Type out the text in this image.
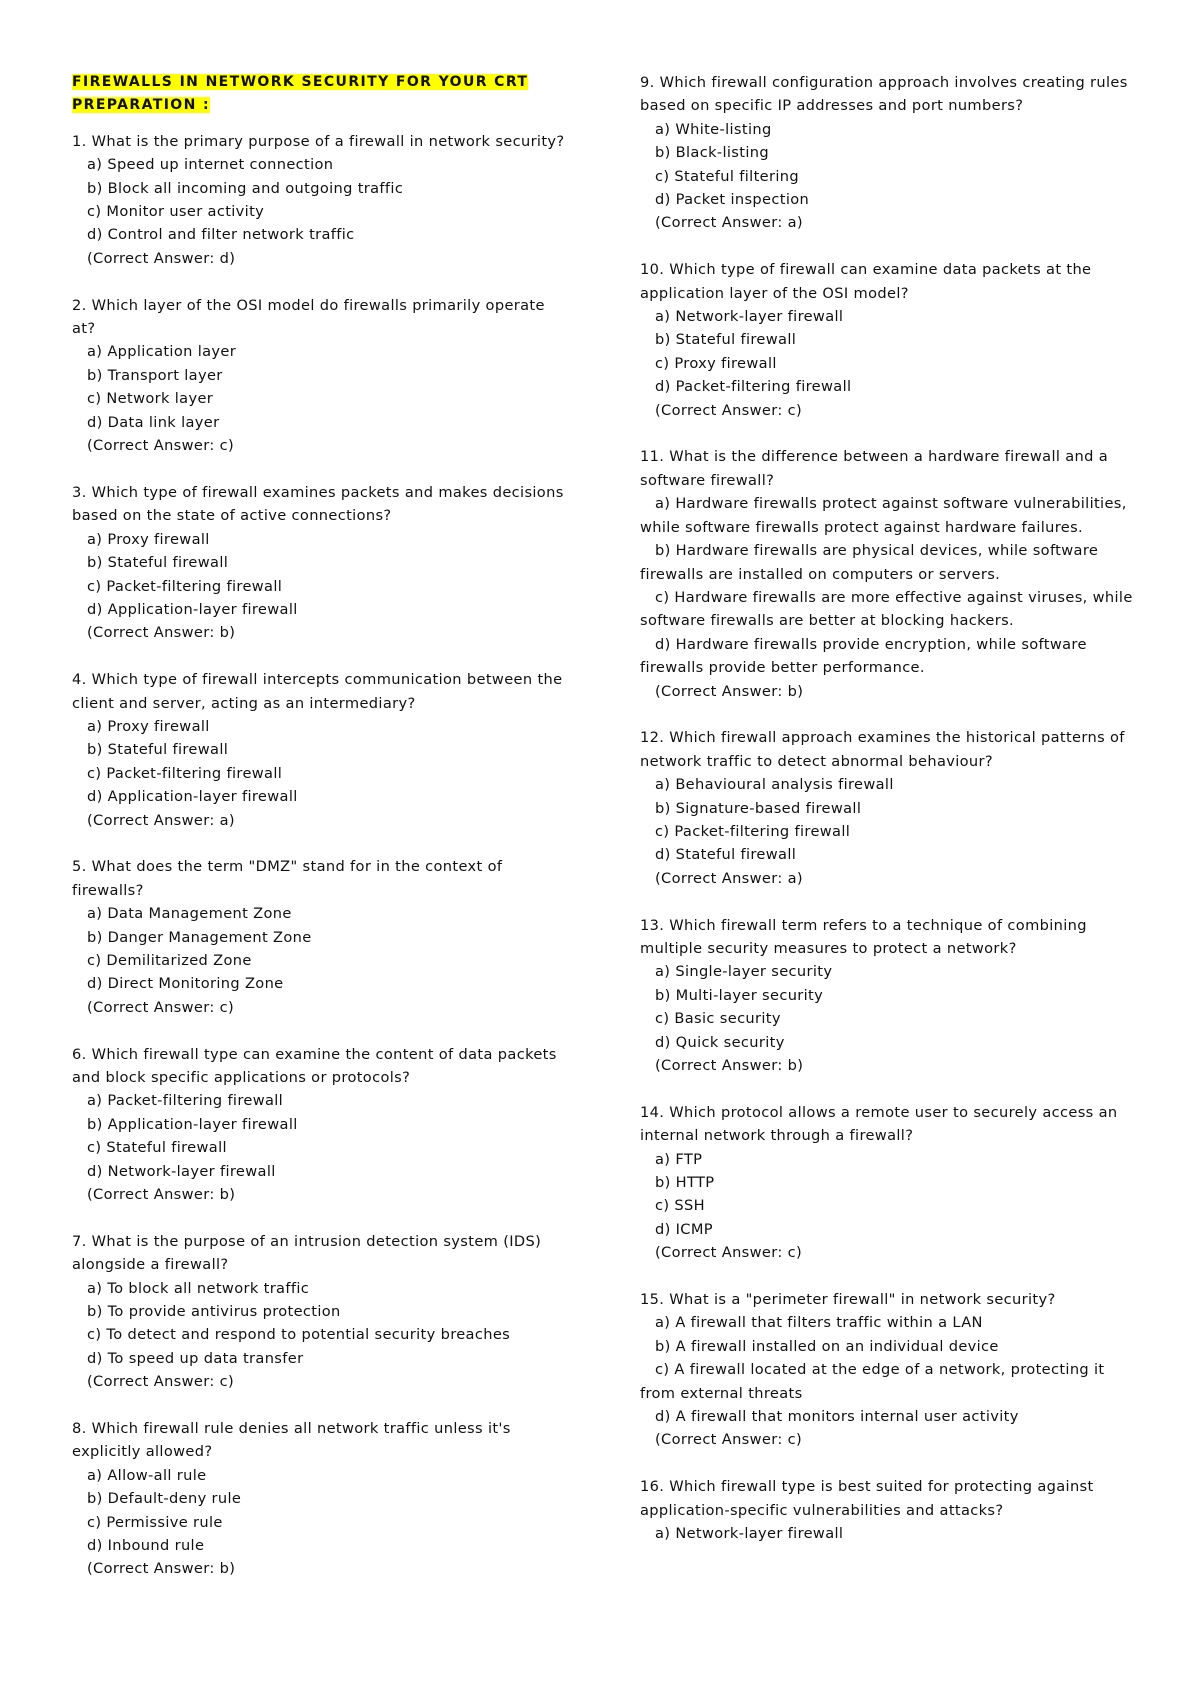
FIREWALLS IN NETWORK SECURITY FOR YOUR CRT
PREPARATION :
1. What is the primary purpose of a firewall in network security?
a) Speed up internet connection
b) Block all incoming and outgoing traffic
c) Monitor user activity
d) Control and filter network traffic
(Correct Answer: d)
2. Which layer of the OSI model do firewalls primarily operate at?
a) Application layer
b) Transport layer
c) Network layer
d) Data link layer
(Correct Answer: c)
3. Which type of firewall examines packets and makes decisions based on the state of active connections?
a) Proxy firewall
b) Stateful firewall
c) Packet-filtering firewall
d) Application-layer firewall
(Correct Answer: b)
4. Which type of firewall intercepts communication between the client and server, acting as an intermediary?
a) Proxy firewall
b) Stateful firewall
c) Packet-filtering firewall
d) Application-layer firewall
(Correct Answer: a)
5. What does the term "DMZ" stand for in the context of firewalls?
a) Data Management Zone
b) Danger Management Zone
c) Demilitarized Zone
d) Direct Monitoring Zone
(Correct Answer: c)
6. Which firewall type can examine the content of data packets and block specific applications or protocols?
a) Packet-filtering firewall
b) Application-layer firewall
c) Stateful firewall
d) Network-layer firewall
(Correct Answer: b)
7. What is the purpose of an intrusion detection system (IDS) alongside a firewall?
a) To block all network traffic
b) To provide antivirus protection
c) To detect and respond to potential security breaches
d) To speed up data transfer
(Correct Answer: c)
8. Which firewall rule denies all network traffic unless it's explicitly allowed?
a) Allow-all rule
b) Default-deny rule
c) Permissive rule
d) Inbound rule
(Correct Answer: b)
9. Which firewall configuration approach involves creating rules based on specific IP addresses and port numbers?
a) White-listing
b) Black-listing
c) Stateful filtering
d) Packet inspection
(Correct Answer: a)
10. Which type of firewall can examine data packets at the application layer of the OSI model?
a) Network-layer firewall
b) Stateful firewall
c) Proxy firewall
d) Packet-filtering firewall
(Correct Answer: c)
11. What is the difference between a hardware firewall and a software firewall?
a) Hardware firewalls protect against software vulnerabilities, while software firewalls protect against hardware failures.
b) Hardware firewalls are physical devices, while software firewalls are installed on computers or servers.
c) Hardware firewalls are more effective against viruses, while software firewalls are better at blocking hackers.
d) Hardware firewalls provide encryption, while software firewalls provide better performance.
(Correct Answer: b)
12. Which firewall approach examines the historical patterns of network traffic to detect abnormal behaviour?
a) Behavioural analysis firewall
b) Signature-based firewall
c) Packet-filtering firewall
d) Stateful firewall
(Correct Answer: a)
13. Which firewall term refers to a technique of combining multiple security measures to protect a network?
a) Single-layer security
b) Multi-layer security
c) Basic security
d) Quick security
(Correct Answer: b)
14. Which protocol allows a remote user to securely access an internal network through a firewall?
a) FTP
b) HTTP
c) SSH
d) ICMP
(Correct Answer: c)
15. What is a "perimeter firewall" in network security?
a) A firewall that filters traffic within a LAN
b) A firewall installed on an individual device
c) A firewall located at the edge of a network, protecting it from external threats
d) A firewall that monitors internal user activity
(Correct Answer: c)
16. Which firewall type is best suited for protecting against application-specific vulnerabilities and attacks?
a) Network-layer firewall
